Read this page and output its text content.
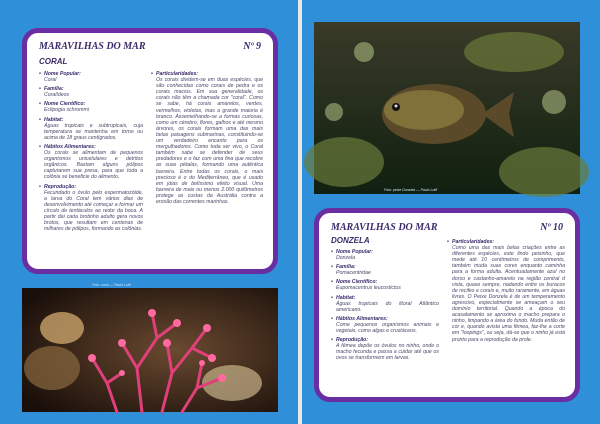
MARAVILHAS DO MAR	Nº 9
CORAL
• Nome Popular:
Coral
• Família:
Coralídeos
• Nome Científico:
Eclipogia schrommi
• Habitat:
Águas tropicais e subtropicais, cuja temperatura se mantenha em torno ou acima de 18 graus centígrados.
• Hábitos Alimentares:
Os corais se alimentam de pequenos organismos unicelulares e detritos orgânicos. Bastam alguns pólipos capturarem sua presa, para que toda a colônia se beneficie do alimento.
• Reprodução:
Fecundado o óvulo pelo espermatozóide, a larva do Coral tem vários dias de desenvolvimento até começar a formar um círculo de tentáculos ao redor da boca. A partir dai cada brotinho adulto gera novos brotos, que resultam em centenas de milhares de pólipos, formando as colônias.
• Particularidades:
Os corais dividem-se em duas espécies, que são conhecidas como corais de pedra e os corais macios. Em sua generalidade, os corais não têm a chamada cor "coral". Como se sabe, há corais amarelos, verdes, vermelhos, violetas, mas a grande maioria é branco. Assemelhando-se a formas curiosas, como um cérebro, flores, galhos e até mesmo árvores, os corais formam uma das mais belas paisagens submarinas, constituindo-se um verdadeiro encanto para os mergulhadores. Como toda ser vivo, o Coral também sabe se defender de seus predadores e o faz com uma fina que recobre as suas pétalas, formando uma autêntica barreira. Entre todas os corais, o mais precioso é o do Mediterrâneo, que é usado em jóias de belíssimo efeito visual. Uma barreira de mais ou menos 2.000 quilômetros protege as costas da Austrália contra a erosão das correntes marinhas.
Foto: coral — Paulo Lutfi
Foto: peixe Donzela — Paulo Lutfi
MARAVILHAS DO MAR	Nº 10
DONZELA
• Nome Popular:
Donzela
• Família:
Pomacentridae
• Nome Científico:
Eupomacentrus leucostictus
• Habitat:
Águas tropicais do litoral Atlântico americano.
• Hábitos Alimentares:
Come pequenos organismos animais e vegetais, como algas e crustáceos.
• Reprodução:
A fêmea depõe os óvulos no ninho, onde o macho fecunda e passa a cuidar até que os ovos se transformem em larvas.
• Particularidades:
Como uma das mais belas criações entre as diferentes espécies, este lindo peixinho, que mede até 10 centímetros de comprimento, também muda suas cores enquanto caminha para a forma adulta. Acentuadamente azul no dorso e castanho-amarelo na região central d vista, quase sempre, nadando entre os buracos de recifes e corais e, muito raramente, em águas livres. O Peixe Donzela é de um temperamento agressivo, especialmente se ameaçam o seu domínio territorial. Quando a época do acasalamento se aproxima o macho prepara o ninho, limpando a área do fundo. Muda então de cor e, quando avista uma fêmea, faz-lhe a corte em "loopings", ou seja, dá-se que o ninho já está pronto para a reprodução da prole.
